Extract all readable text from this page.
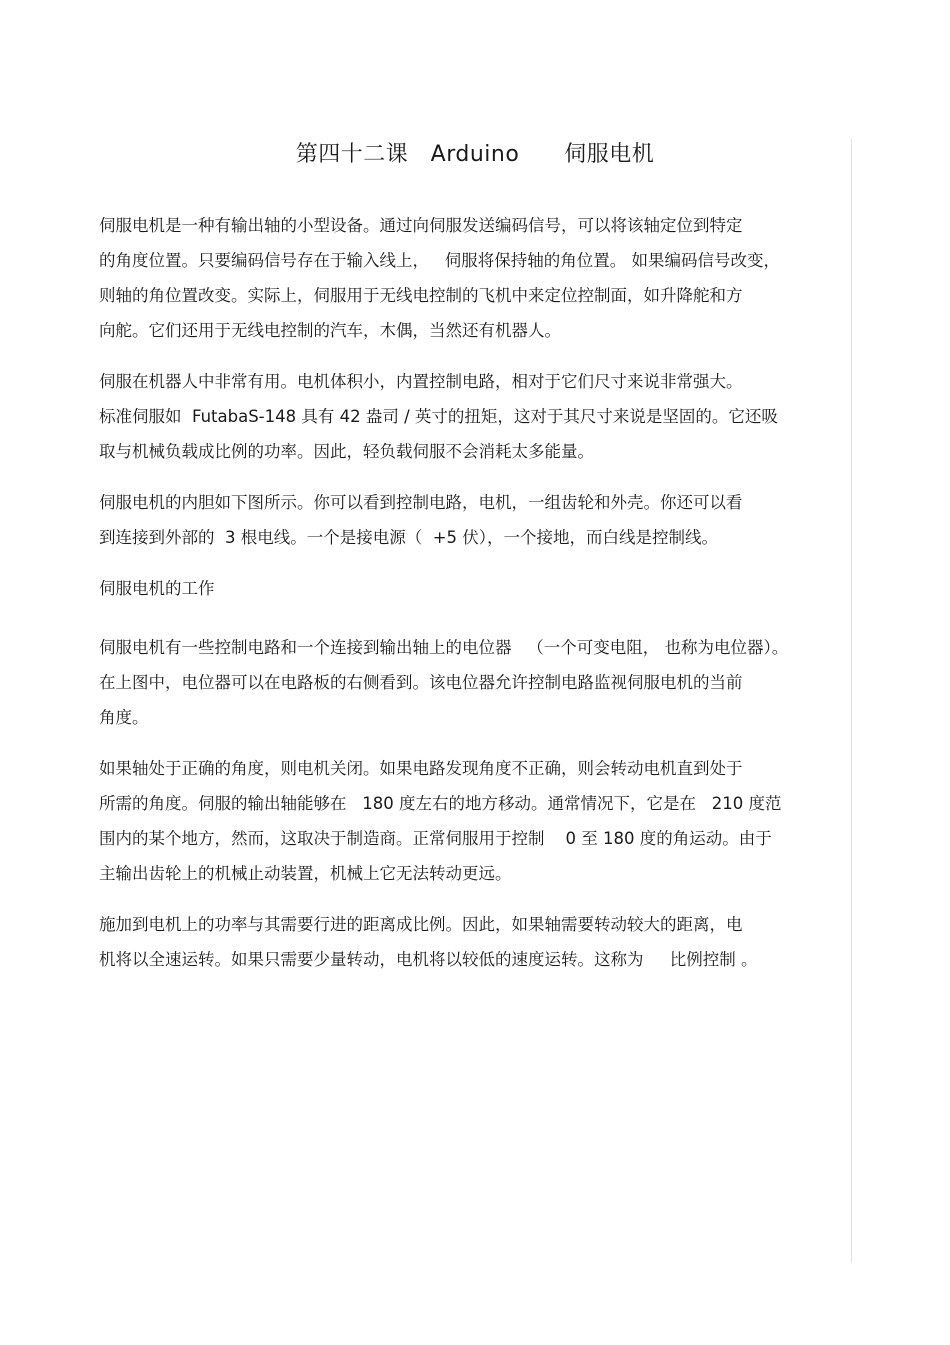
第四十二课   Arduino      伺服电机
伺服电机是一种有输出轴的小型设备。通过向伺服发送编码信号，可以将该轴定位到特定
的角度位置。只要编码信号存在于输入线上，   伺服将保持轴的角位置。 如果编码信号改变，
则轴的角位置改变。实际上，伺服用于无线电控制的飞机中来定位控制面，如升降舵和方
向舵。它们还用于无线电控制的汽车，木偶，当然还有机器人。
伺服在机器人中非常有用。电机体积小，内置控制电路，相对于它们尺寸来说非常强大。
标准伺服如  FutabaS-148 具有 42 盎司 / 英寸的扭矩，这对于其尺寸来说是坚固的。它还吸
取与机械负载成比例的功率。因此，轻负载伺服不会消耗太多能量。
伺服电机的内胆如下图所示。你可以看到控制电路，电机，一组齿轮和外壳。你还可以看
到连接到外部的  3 根电线。一个是接电源（  +5 伏），一个接地，而白线是控制线。
伺服电机的工作
伺服电机有一些控制电路和一个连接到输出轴上的电位器   （一个可变电阻， 也称为电位器）。
在上图中，电位器可以在电路板的右侧看到。该电位器允许控制电路监视伺服电机的当前
角度。
如果轴处于正确的角度，则电机关闭。如果电路发现角度不正确，则会转动电机直到处于
所需的角度。伺服的输出轴能够在   180 度左右的地方移动。通常情况下，它是在   210 度范
围内的某个地方，然而，这取决于制造商。正常伺服用于控制    0 至 180 度的角运动。由于
主输出齿轮上的机械止动装置，机械上它无法转动更远。
施加到电机上的功率与其需要行进的距离成比例。因此，如果轴需要转动较大的距离，电
机将以全速运转。如果只需要少量转动，电机将以较低的速度运转。这称为     比例控制 。
